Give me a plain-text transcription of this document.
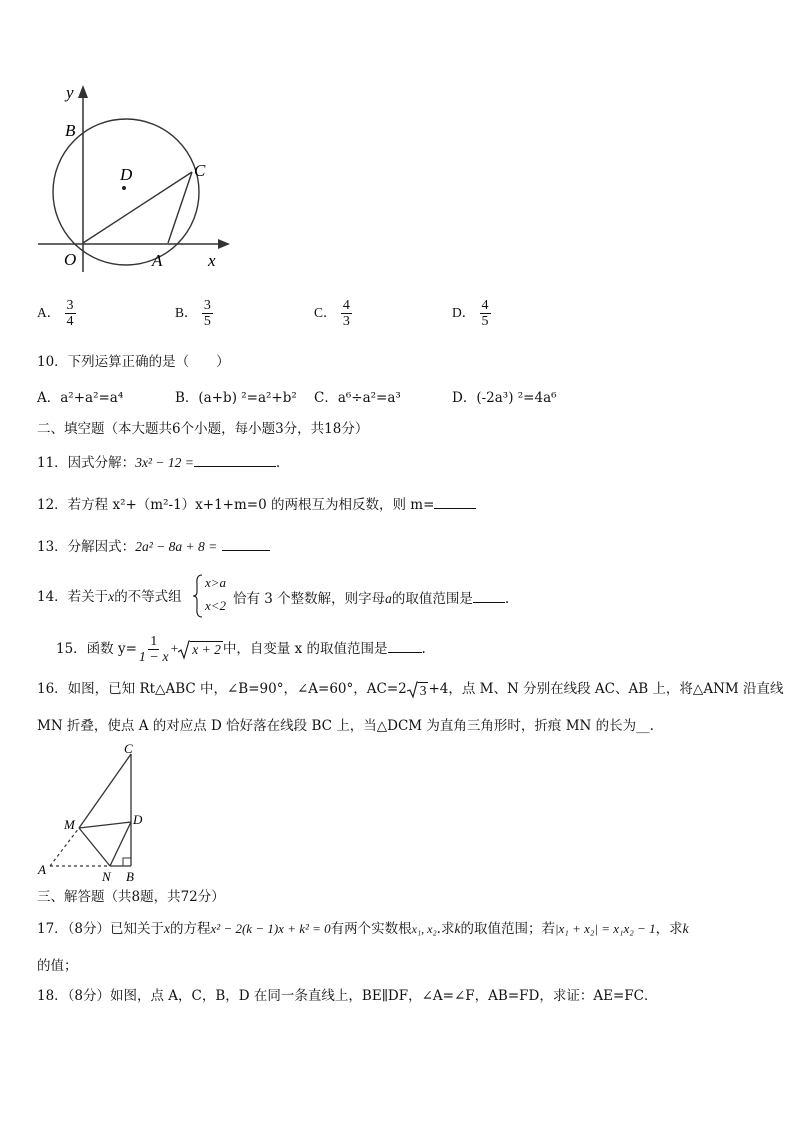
y
B
D	C
O	A	x
A． $\frac{3}{4}$	B． $\frac{3}{5}$	C． $\frac{4}{3}$	D． $\frac{4}{5}$
10．下列运算正确的是（　　）
A．a²+a²=a⁴	B．(a+b) ²=a²+b² C．a⁶÷a²=a³	D．(-2a³) ²=4a⁶
二、填空题（本大题共6个小题，每小题3分，共18分）
11．因式分解：3x² − 12 =	.
12．若方程 x²+（m²-1）x+1+m=0 的两根互为相反数，则 m=
13．分解因式：2a² − 8a + 8 =
14．若关于x的不等式组
x>a
x<2 恰有 3 个整数解，则字母a的取值范围是 .
15．函数 $y= \frac{1}{1 - x} + x + 2$ 中，自变量 x 的取值范围是	.
16．如图，已知 Rt△ABC 中，∠B=90°，∠A=60°，AC=2 3 +4，点 M、N 分别在线段 AC、AB 上，将△ANM 沿直线
MN 折叠，使点 A 的对应点 D 恰好落在线段 BC 上，当△DCM 为直角三角形时，折痕 MN 的长为__.
C
M	D
A	N B
三、解答题（共8题，共72分）
17．（8分）已知关于x的方程x² − 2(k − 1)x + k² = 0有两个实数根x₁, x₂.求k的取值范围；若|x₁ + x₂| = x₁x₂ − 1，求k
的值；
18．（8分）如图，点 A，C，B，D 在同一条直线上，BE∥DF，∠A=∠F，AB=FD，求证：AE=FC．
